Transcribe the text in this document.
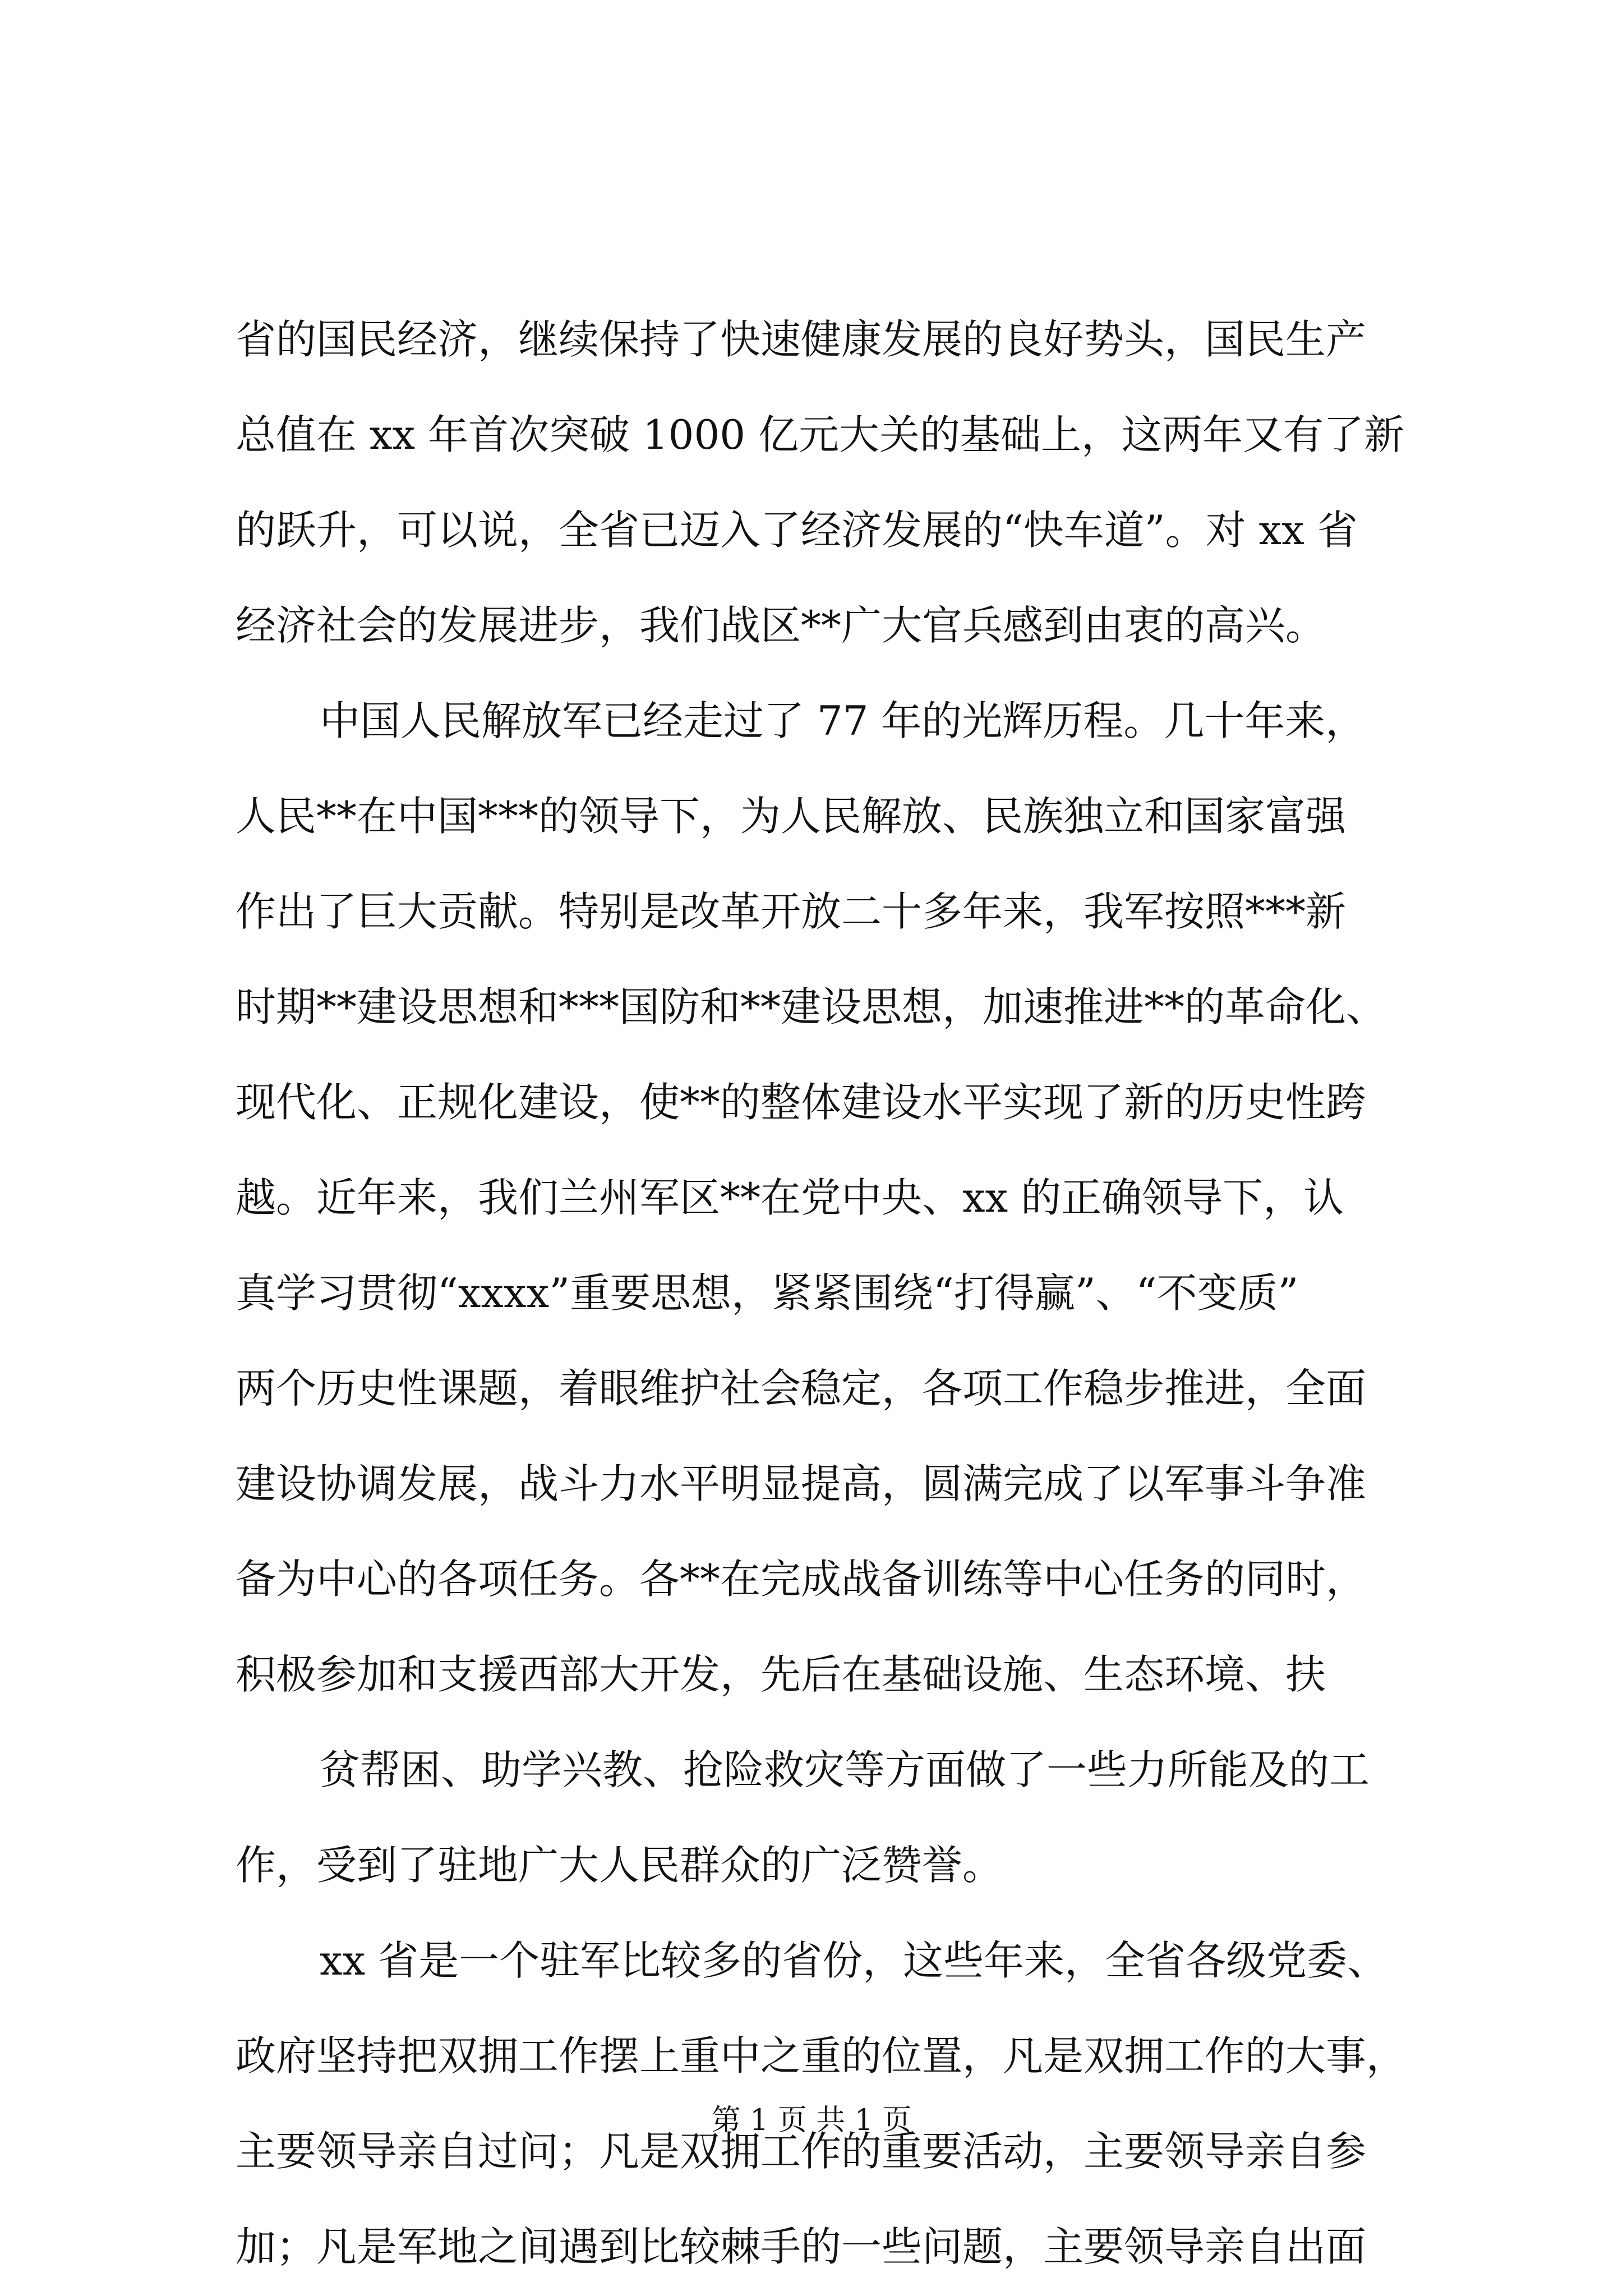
省的国民经济，继续保持了快速健康发展的良好势头，国民生产
总值在 xx 年首次突破 1000 亿元大关的基础上，这两年又有了新
的跃升，可以说，全省已迈入了经济发展的“快车道”。对 xx 省
经济社会的发展进步，我们战区**广大官兵感到由衷的高兴。
中国人民解放军已经走过了 77 年的光辉历程。几十年来，
人民**在中国***的领导下，为人民解放、民族独立和国家富强
作出了巨大贡献。特别是改革开放二十多年来，我军按照***新
时期**建设思想和***国防和**建设思想，加速推进**的革命化、
现代化、正规化建设，使**的整体建设水平实现了新的历史性跨
越。近年来，我们兰州军区**在党中央、xx 的正确领导下，认
真学习贯彻“xxxx”重要思想，紧紧围绕“打得赢”、“不变质”
两个历史性课题，着眼维护社会稳定，各项工作稳步推进，全面
建设协调发展，战斗力水平明显提高，圆满完成了以军事斗争准
备为中心的各项任务。各**在完成战备训练等中心任务的同时，
积极参加和支援西部大开发，先后在基础设施、生态环境、扶
贫帮困、助学兴教、抢险救灾等方面做了一些力所能及的工
作，受到了驻地广大人民群众的广泛赞誉。
xx 省是一个驻军比较多的省份，这些年来，全省各级党委、
政府坚持把双拥工作摆上重中之重的位置，凡是双拥工作的大事，
主要领导亲自过问；凡是双拥工作的重要活动，主要领导亲自参
加；凡是军地之间遇到比较棘手的一些问题，主要领导亲自出面
第 1 页 共 1 页
